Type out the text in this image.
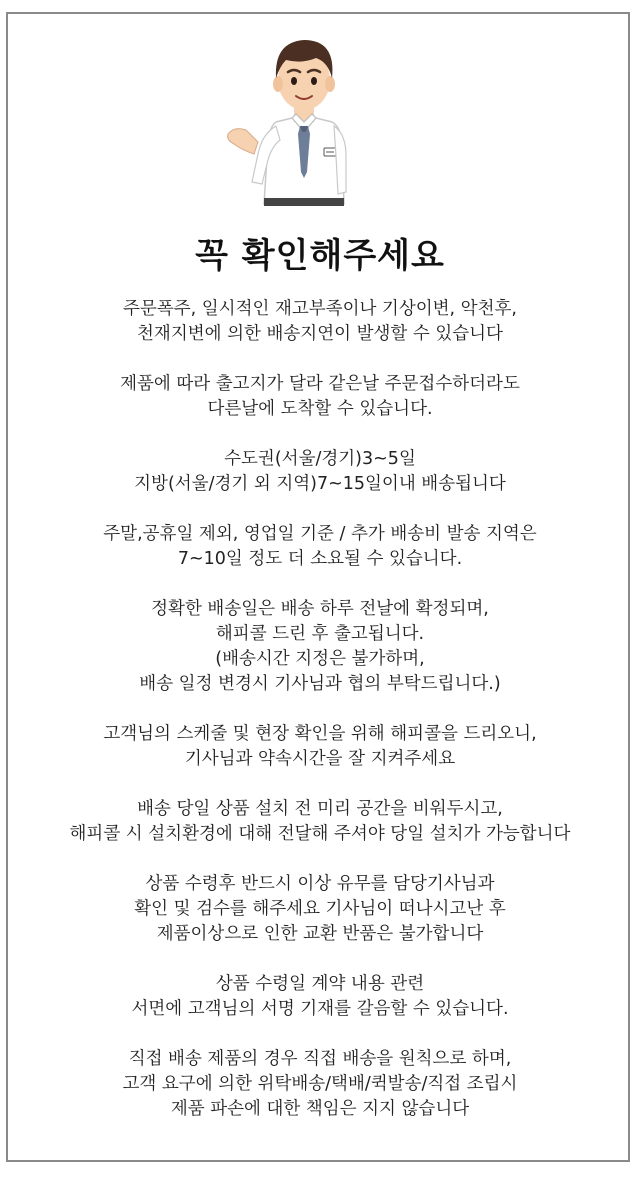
꼭 확인해주세요

주문폭주, 일시적인 재고부족이나 기상이변, 악천후,
천재지변에 의한 배송지연이 발생할 수 있습니다

제품에 따라 출고지가 달라 같은날 주문접수하더라도
다른날에 도착할 수 있습니다.

수도권(서울/경기)3~5일
지방(서울/경기 외 지역)7~15일이내 배송됩니다

주말,공휴일 제외, 영업일 기준 / 추가 배송비 발송 지역은
7~10일 정도 더 소요될 수 있습니다.

정확한 배송일은 배송 하루 전날에 확정되며,
해피콜 드린 후 출고됩니다.
(배송시간 지정은 불가하며,
배송 일정 변경시 기사님과 협의 부탁드립니다.)

고객님의 스케줄 및 현장 확인을 위해 해피콜을 드리오니,
기사님과 약속시간을 잘 지켜주세요

배송 당일 상품 설치 전 미리 공간을 비워두시고,
해피콜 시 설치환경에 대해 전달해 주셔야 당일 설치가 가능합니다

상품 수령후 반드시 이상 유무를 담당기사님과
확인 및 검수를 해주세요 기사님이 떠나시고난 후
제품이상으로 인한 교환 반품은 불가합니다

상품 수령일 계약 내용 관련
서면에 고객님의 서명 기재를 갈음할 수 있습니다.

직접 배송 제품의 경우 직접 배송을 원칙으로 하며,
고객 요구에 의한 위탁배송/택배/퀵발송/직접 조립시
제품 파손에 대한 책임은 지지 않습니다
